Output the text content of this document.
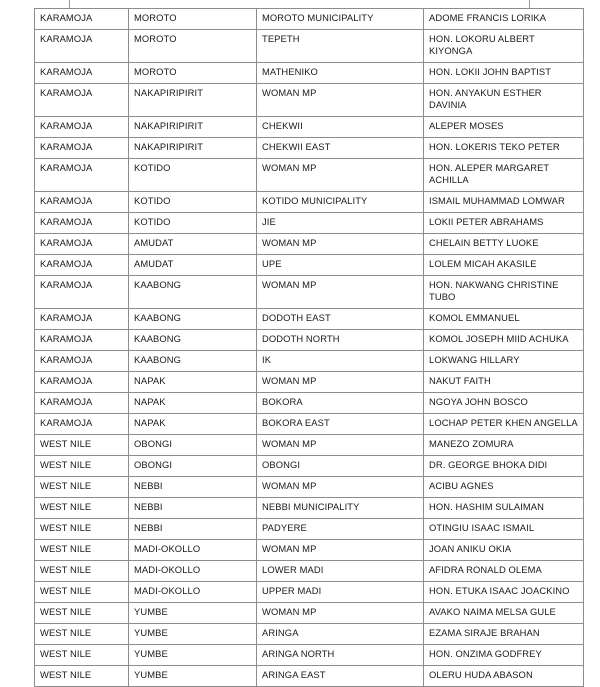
KARAMOJA	MOROTO	MOROTO MUNICIPALITY	ADOME FRANCIS LORIKA
KARAMOJA	MOROTO	TEPETH	HON. LOKORU ALBERT KIYONGA
KARAMOJA	MOROTO	MATHENIKO	HON. LOKII JOHN BAPTIST
KARAMOJA	NAKAPIRIPIRIT	WOMAN MP	HON. ANYAKUN ESTHER DAVINIA
KARAMOJA	NAKAPIRIPIRIT	CHEKWII	ALEPER MOSES
KARAMOJA	NAKAPIRIPIRIT	CHEKWII EAST	HON. LOKERIS TEKO PETER
KARAMOJA	KOTIDO	WOMAN MP	HON. ALEPER MARGARET ACHILLA
KARAMOJA	KOTIDO	KOTIDO MUNICIPALITY	ISMAIL MUHAMMAD LOMWAR
KARAMOJA	KOTIDO	JIE	LOKII PETER ABRAHAMS
KARAMOJA	AMUDAT	WOMAN MP	CHELAIN BETTY LUOKE
KARAMOJA	AMUDAT	UPE	LOLEM MICAH AKASILE
KARAMOJA	KAABONG	WOMAN MP	HON. NAKWANG CHRISTINE TUBO
KARAMOJA	KAABONG	DODOTH EAST	KOMOL EMMANUEL
KARAMOJA	KAABONG	DODOTH NORTH	KOMOL JOSEPH MIID ACHUKA
KARAMOJA	KAABONG	IK	LOKWANG HILLARY
KARAMOJA	NAPAK	WOMAN MP	NAKUT FAITH
KARAMOJA	NAPAK	BOKORA	NGOYA JOHN BOSCO
KARAMOJA	NAPAK	BOKORA EAST	LOCHAP PETER KHEN ANGELLA
WEST NILE	OBONGI	WOMAN MP	MANEZO ZOMURA
WEST NILE	OBONGI	OBONGI	DR. GEORGE BHOKA DIDI
WEST NILE	NEBBI	WOMAN MP	ACIBU AGNES
WEST NILE	NEBBI	NEBBI MUNICIPALITY	HON. HASHIM SULAIMAN
WEST NILE	NEBBI	PADYERE	OTINGIU ISAAC ISMAIL
WEST NILE	MADI-OKOLLO	WOMAN MP	JOAN ANIKU OKIA
WEST NILE	MADI-OKOLLO	LOWER MADI	AFIDRA RONALD OLEMA
WEST NILE	MADI-OKOLLO	UPPER MADI	HON. ETUKA ISAAC JOACKINO
WEST NILE	YUMBE	WOMAN MP	AVAKO NAIMA MELSA GULE
WEST NILE	YUMBE	ARINGA	EZAMA SIRAJE BRAHAN
WEST NILE	YUMBE	ARINGA NORTH	HON. ONZIMA GODFREY
WEST NILE	YUMBE	ARINGA EAST	OLERU HUDA ABASON
